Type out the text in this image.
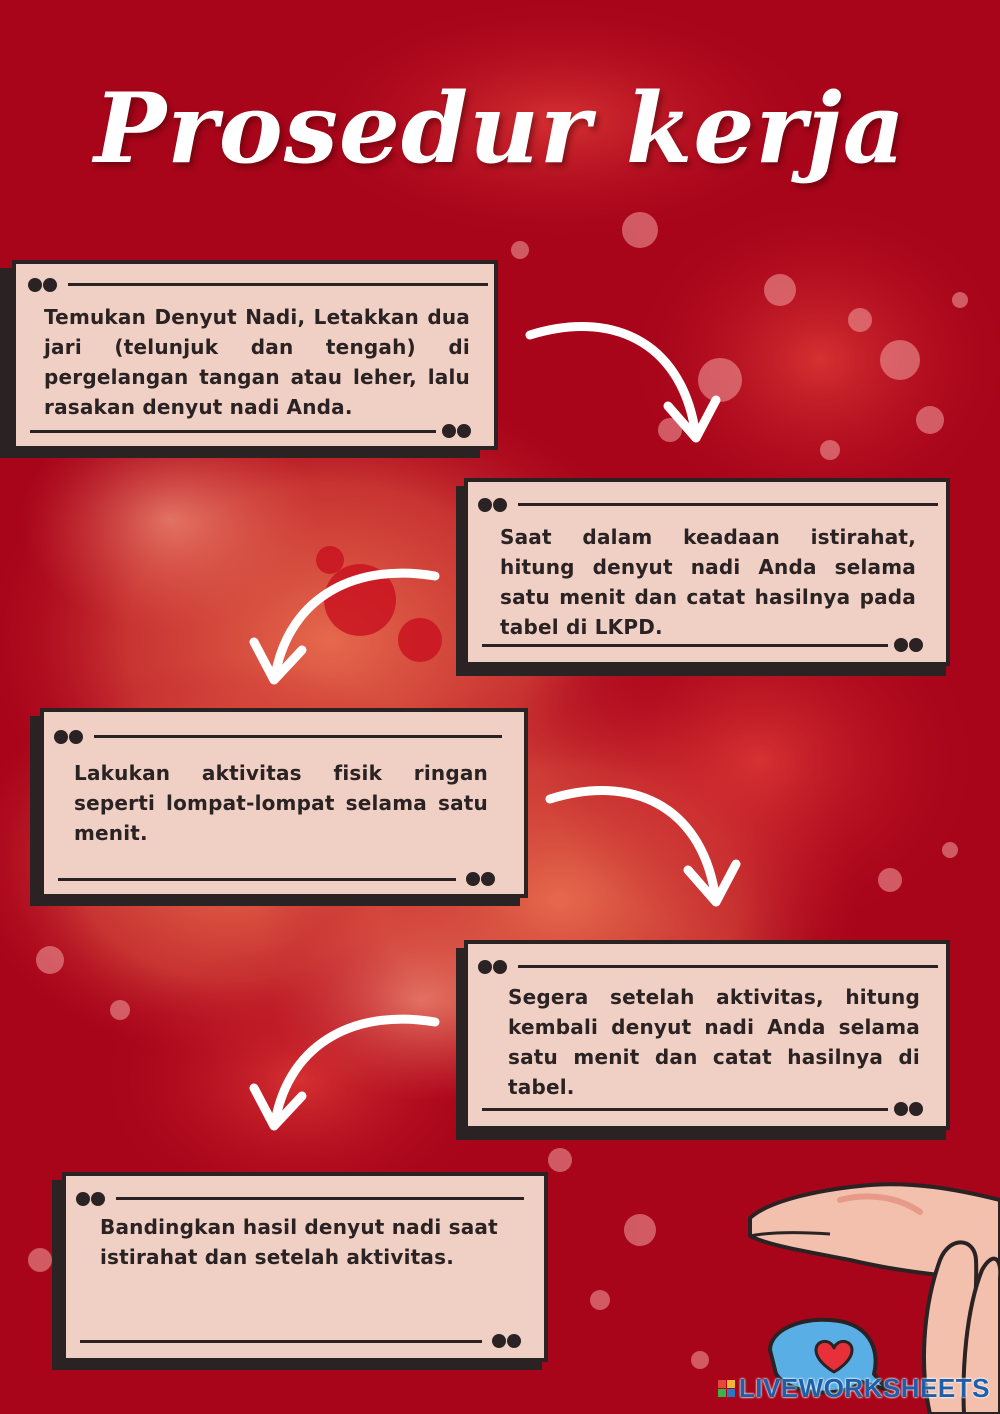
Prosedur kerja

Temukan Denyut Nadi, Letakkan dua jari (telunjuk dan tengah) di pergelangan tangan atau leher, lalu rasakan denyut nadi Anda.

Saat dalam keadaan istirahat, hitung denyut nadi Anda selama satu menit dan catat hasilnya pada tabel di LKPD.

Lakukan aktivitas fisik ringan seperti lompat-lompat selama satu menit.

Segera setelah aktivitas, hitung kembali denyut nadi Anda selama satu menit dan catat hasilnya di tabel.

Bandingkan hasil denyut nadi saat istirahat dan setelah aktivitas.

LIVEWORKSHEETS
